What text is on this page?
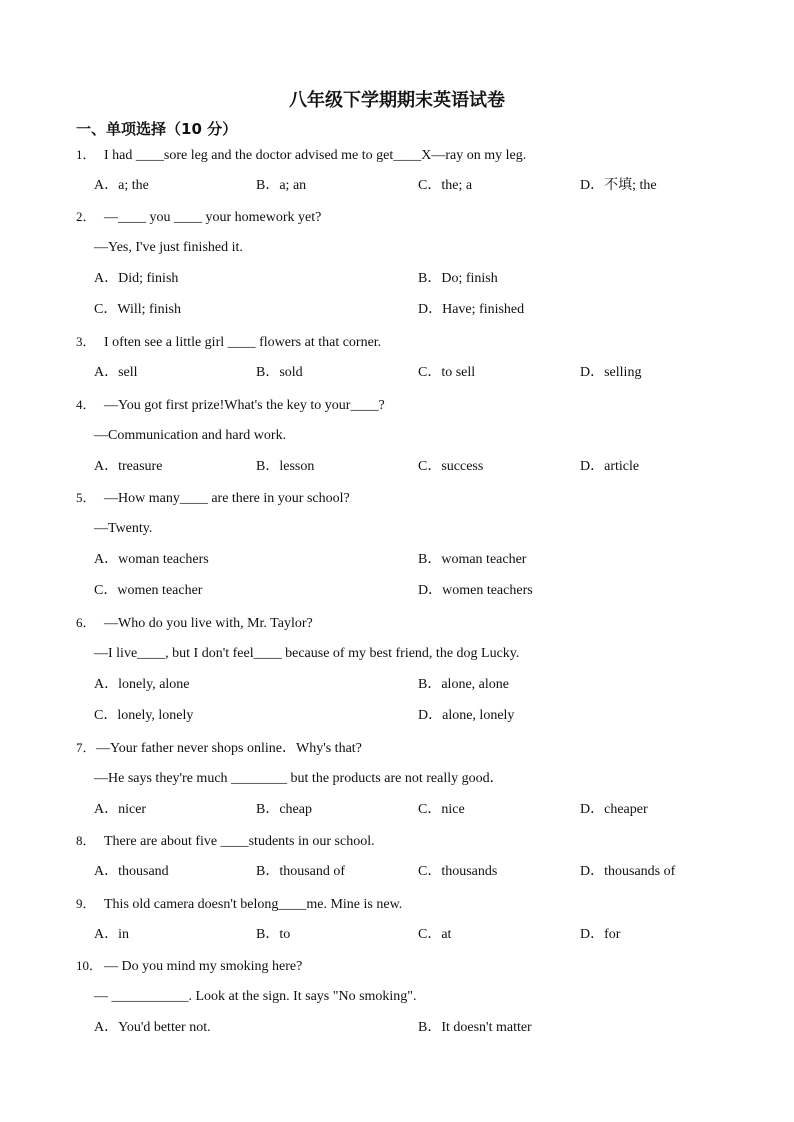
八年级下学期期末英语试卷
一、单项选择（10 分）
1． I had ____sore leg and the doctor advised me to get____X—ray on my leg.
A．a; the	B．a; an	C．the; a	D．不填; the
2． —____ you ____ your homework yet?
—Yes, I've just finished it.
A．Did; finish	B．Do; finish
C．Will; finish	D．Have; finished
3． I often see a little girl ____ flowers at that corner.
A．sell	B．sold	C．to sell	D．selling
4． —You got first prize!What's the key to your____?
—Communication and hard work.
A．treasure	B．lesson	C．success	D．article
5． —How many____ are there in your school?
—Twenty.
A．woman teachers	B．woman teacher
C．women teacher	D．women teachers
6． —Who do you live with, Mr. Taylor?
—I live____, but I don't feel____ because of my best friend, the dog Lucky.
A．lonely, alone	B．alone, alone
C．lonely, lonely	D．alone, lonely
7．—Your father never shops online．Why's that?
—He says they're much ________ but the products are not really good．
A．nicer	B．cheap	C．nice	D．cheaper
8． There are about five ____students in our school.
A．thousand	B．thousand of	C．thousands	D．thousands of
9． This old camera doesn't belong____me. Mine is new.
A．in	B．to	C．at	D．for
10． — Do you mind my smoking here?
— ___________. Look at the sign. It says "No smoking".
A．You'd better not.	B．It doesn't matter
